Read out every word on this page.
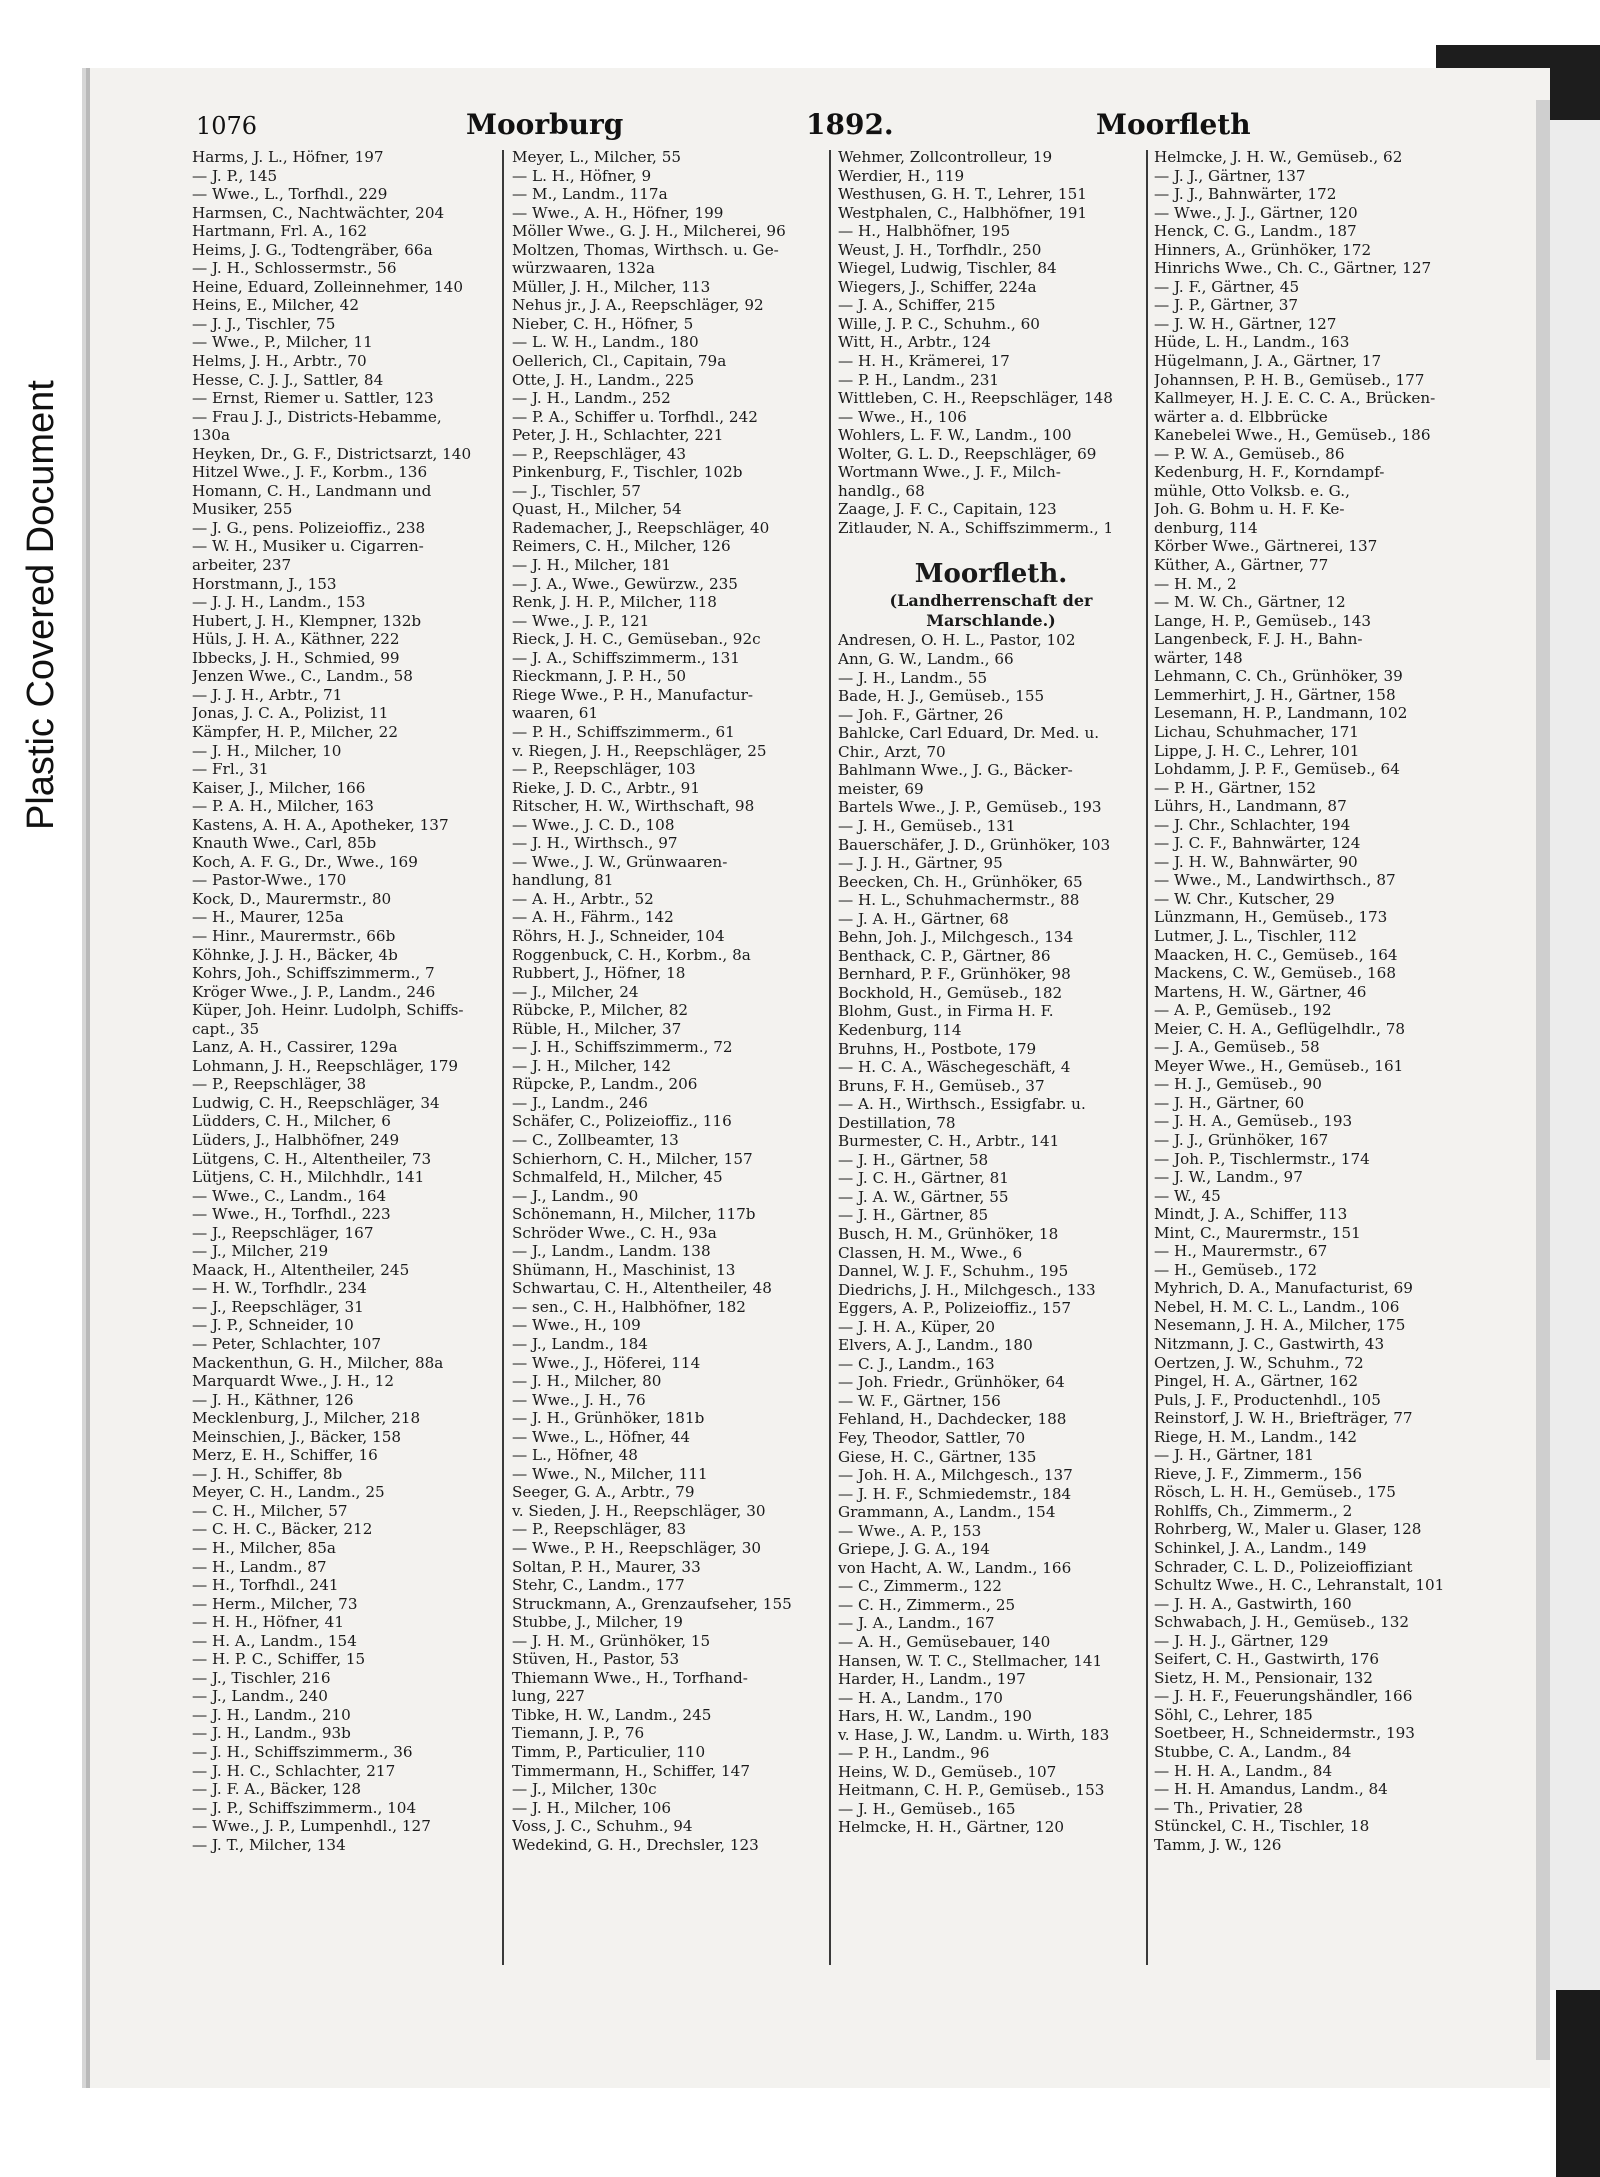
Plastic Covered Document
1076	Moorburg	1892.	Moorfleth
Harms, J. L., Höfner, 197
— J. P., 145
— Wwe., L., Torfhdl., 229
Harmsen, C., Nachtwächter, 204
Hartmann, Frl. A., 162
Heims, J. G., Todtengräber, 66a
— J. H., Schlossermstr., 56
Heine, Eduard, Zolleinnehmer, 140
Heins, E., Milcher, 42
— J. J., Tischler, 75
— Wwe., P., Milcher, 11
Helms, J. H., Arbtr., 70
Hesse, C. J. J., Sattler, 84
— Ernst, Riemer u. Sattler, 123
— Frau J. J., Districts-Hebamme,
130a
Heyken, Dr., G. F., Districtsarzt, 140
Hitzel Wwe., J. F., Korbm., 136
Homann, C. H., Landmann und
Musiker, 255
— J. G., pens. Polizeioffiz., 238
— W. H., Musiker u. Cigarren-
arbeiter, 237
Horstmann, J., 153
— J. J. H., Landm., 153
Hubert, J. H., Klempner, 132b
Hüls, J. H. A., Käthner, 222
Ibbecks, J. H., Schmied, 99
Jenzen Wwe., C., Landm., 58
— J. J. H., Arbtr., 71
Jonas, J. C. A., Polizist, 11
Kämpfer, H. P., Milcher, 22
— J. H., Milcher, 10
— Frl., 31
Kaiser, J., Milcher, 166
— P. A. H., Milcher, 163
Kastens, A. H. A., Apotheker, 137
Knauth Wwe., Carl, 85b
Koch, A. F. G., Dr., Wwe., 169
— Pastor-Wwe., 170
Kock, D., Maurermstr., 80
— H., Maurer, 125a
— Hinr., Maurermstr., 66b
Köhnke, J. J. H., Bäcker, 4b
Kohrs, Joh., Schiffszimmerm., 7
Kröger Wwe., J. P., Landm., 246
Küper, Joh. Heinr. Ludolph, Schiffs-
capt., 35
Lanz, A. H., Cassirer, 129a
Lohmann, J. H., Reepschläger, 179
— P., Reepschläger, 38
Ludwig, C. H., Reepschläger, 34
Lüdders, C. H., Milcher, 6
Lüders, J., Halbhöfner, 249
Lütgens, C. H., Altentheiler, 73
Lütjens, C. H., Milchhdlr., 141
— Wwe., C., Landm., 164
— Wwe., H., Torfhdl., 223
— J., Reepschläger, 167
— J., Milcher, 219
Maack, H., Altentheiler, 245
— H. W., Torfhdlr., 234
— J., Reepschläger, 31
— J. P., Schneider, 10
— Peter, Schlachter, 107
Mackenthun, G. H., Milcher, 88a
Marquardt Wwe., J. H., 12
— J. H., Käthner, 126
Mecklenburg, J., Milcher, 218
Meinschien, J., Bäcker, 158
Merz, E. H., Schiffer, 16
— J. H., Schiffer, 8b
Meyer, C. H., Landm., 25
— C. H., Milcher, 57
— C. H. C., Bäcker, 212
— H., Milcher, 85a
— H., Landm., 87
— H., Torfhdl., 241
— Herm., Milcher, 73
— H. H., Höfner, 41
— H. A., Landm., 154
— H. P. C., Schiffer, 15
— J., Tischler, 216
— J., Landm., 240
— J. H., Landm., 210
— J. H., Landm., 93b
— J. H., Schiffszimmerm., 36
— J. H. C., Schlachter, 217
— J. F. A., Bäcker, 128
— J. P., Schiffszimmerm., 104
— Wwe., J. P., Lumpenhdl., 127
— J. T., Milcher, 134
Meyer, L., Milcher, 55
— L. H., Höfner, 9
— M., Landm., 117a
— Wwe., A. H., Höfner, 199
Möller Wwe., G. J. H., Milcherei, 96
Moltzen, Thomas, Wirthsch. u. Ge-
würzwaaren, 132a
Müller, J. H., Milcher, 113
Nehus jr., J. A., Reepschläger, 92
Nieber, C. H., Höfner, 5
— L. W. H., Landm., 180
Oellerich, Cl., Capitain, 79a
Otte, J. H., Landm., 225
— J. H., Landm., 252
— P. A., Schiffer u. Torfhdl., 242
Peter, J. H., Schlachter, 221
— P., Reepschläger, 43
Pinkenburg, F., Tischler, 102b
— J., Tischler, 57
Quast, H., Milcher, 54
Rademacher, J., Reepschläger, 40
Reimers, C. H., Milcher, 126
— J. H., Milcher, 181
— J. A., Wwe., Gewürzw., 235
Renk, J. H. P., Milcher, 118
— Wwe., J. P., 121
Rieck, J. H. C., Gemüseban., 92c
— J. A., Schiffszimmerm., 131
Rieckmann, J. P. H., 50
Riege Wwe., P. H., Manufactur-
waaren, 61
— P. H., Schiffszimmerm., 61
v. Riegen, J. H., Reepschläger, 25
— P., Reepschläger, 103
Rieke, J. D. C., Arbtr., 91
Ritscher, H. W., Wirthschaft, 98
— Wwe., J. C. D., 108
— J. H., Wirthsch., 97
— Wwe., J. W., Grünwaaren-
handlung, 81
— A. H., Arbtr., 52
— A. H., Fährm., 142
Röhrs, H. J., Schneider, 104
Roggenbuck, C. H., Korbm., 8a
Rubbert, J., Höfner, 18
— J., Milcher, 24
Rübcke, P., Milcher, 82
Rüble, H., Milcher, 37
— J. H., Schiffszimmerm., 72
— J. H., Milcher, 142
Rüpcke, P., Landm., 206
— J., Landm., 246
Schäfer, C., Polizeioffiz., 116
— C., Zollbeamter, 13
Schierhorn, C. H., Milcher, 157
Schmalfeld, H., Milcher, 45
— J., Landm., 90
Schönemann, H., Milcher, 117b
Schröder Wwe., C. H., 93a
— J., Landm., Landm. 138
Shümann, H., Maschinist, 13
Schwartau, C. H., Altentheiler, 48
— sen., C. H., Halbhöfner, 182
— Wwe., H., 109
— J., Landm., 184
— Wwe., J., Höferei, 114
— J. H., Milcher, 80
— Wwe., J. H., 76
— J. H., Grünhöker, 181b
— Wwe., L., Höfner, 44
— L., Höfner, 48
— Wwe., N., Milcher, 111
Seeger, G. A., Arbtr., 79
v. Sieden, J. H., Reepschläger, 30
— P., Reepschläger, 83
— Wwe., P. H., Reepschläger, 30
Soltan, P. H., Maurer, 33
Stehr, C., Landm., 177
Struckmann, A., Grenzaufseher, 155
Stubbe, J., Milcher, 19
— J. H. M., Grünhöker, 15
Stüven, H., Pastor, 53
Thiemann Wwe., H., Torfhand-
lung, 227
Tibke, H. W., Landm., 245
Tiemann, J. P., 76
Timm, P., Particulier, 110
Timmermann, H., Schiffer, 147
— J., Milcher, 130c
— J. H., Milcher, 106
Voss, J. C., Schuhm., 94
Wedekind, G. H., Drechsler, 123
Wehmer, Zollcontrolleur, 19
Werdier, H., 119
Westhusen, G. H. T., Lehrer, 151
Westphalen, C., Halbhöfner, 191
— H., Halbhöfner, 195
Weust, J. H., Torfhdlr., 250
Wiegel, Ludwig, Tischler, 84
Wiegers, J., Schiffer, 224a
— J. A., Schiffer, 215
Wille, J. P. C., Schuhm., 60
Witt, H., Arbtr., 124
— H. H., Krämerei, 17
— P. H., Landm., 231
Wittleben, C. H., Reepschläger, 148
— Wwe., H., 106
Wohlers, L. F. W., Landm., 100
Wolter, G. L. D., Reepschläger, 69
Wortmann Wwe., J. F., Milch-
handlg., 68
Zaage, J. F. C., Capitain, 123
Zitlauder, N. A., Schiffszimmerm., 1
Moorfleth.
(Landherrenschaft der
Marschlande.)
Andresen, O. H. L., Pastor, 102
Ann, G. W., Landm., 66
— J. H., Landm., 55
Bade, H. J., Gemüseb., 155
— Joh. F., Gärtner, 26
Bahlcke, Carl Eduard, Dr. Med. u.
Chir., Arzt, 70
Bahlmann Wwe., J. G., Bäcker-
meister, 69
Bartels Wwe., J. P., Gemüseb., 193
— J. H., Gemüseb., 131
Bauerschäfer, J. D., Grünhöker, 103
— J. J. H., Gärtner, 95
Beecken, Ch. H., Grünhöker, 65
— H. L., Schuhmachermstr., 88
— J. A. H., Gärtner, 68
Behn, Joh. J., Milchgesch., 134
Benthack, C. P., Gärtner, 86
Bernhard, P. F., Grünhöker, 98
Bockhold, H., Gemüseb., 182
Blohm, Gust., in Firma H. F.
Kedenburg, 114
Bruhns, H., Postbote, 179
— H. C. A., Wäschegeschäft, 4
Bruns, F. H., Gemüseb., 37
— A. H., Wirthsch., Essigfabr. u.
Destillation, 78
Burmester, C. H., Arbtr., 141
— J. H., Gärtner, 58
— J. C. H., Gärtner, 81
— J. A. W., Gärtner, 55
— J. H., Gärtner, 85
Busch, H. M., Grünhöker, 18
Classen, H. M., Wwe., 6
Dannel, W. J. F., Schuhm., 195
Diedrichs, J. H., Milchgesch., 133
Eggers, A. P., Polizeioffiz., 157
— J. H. A., Küper, 20
Elvers, A. J., Landm., 180
— C. J., Landm., 163
— Joh. Friedr., Grünhöker, 64
— W. F., Gärtner, 156
Fehland, H., Dachdecker, 188
Fey, Theodor, Sattler, 70
Giese, H. C., Gärtner, 135
— Joh. H. A., Milchgesch., 137
— J. H. F., Schmiedemstr., 184
Grammann, A., Landm., 154
— Wwe., A. P., 153
Griepe, J. G. A., 194
von Hacht, A. W., Landm., 166
— C., Zimmerm., 122
— C. H., Zimmerm., 25
— J. A., Landm., 167
— A. H., Gemüsebauer, 140
Hansen, W. T. C., Stellmacher, 141
Harder, H., Landm., 197
— H. A., Landm., 170
Hars, H. W., Landm., 190
v. Hase, J. W., Landm. u. Wirth, 183
— P. H., Landm., 96
Heins, W. D., Gemüseb., 107
Heitmann, C. H. P., Gemüseb., 153
— J. H., Gemüseb., 165
Helmcke, H. H., Gärtner, 120
Helmcke, J. H. W., Gemüseb., 62
— J. J., Gärtner, 137
— J. J., Bahnwärter, 172
— Wwe., J. J., Gärtner, 120
Henck, C. G., Landm., 187
Hinners, A., Grünhöker, 172
Hinrichs Wwe., Ch. C., Gärtner, 127
— J. F., Gärtner, 45
— J. P., Gärtner, 37
— J. W. H., Gärtner, 127
Hüde, L. H., Landm., 163
Hügelmann, J. A., Gärtner, 17
Johannsen, P. H. B., Gemüseb., 177
Kallmeyer, H. J. E. C. C. A., Brücken-
wärter a. d. Elbbrücke
Kanebelei Wwe., H., Gemüseb., 186
— P. W. A., Gemüseb., 86
Kedenburg, H. F., Korndampf-
mühle, Otto Volksb. e. G.,
Joh. G. Bohm u. H. F. Ke-
denburg, 114
Körber Wwe., Gärtnerei, 137
Küther, A., Gärtner, 77
— H. M., 2
— M. W. Ch., Gärtner, 12
Lange, H. P., Gemüseb., 143
Langenbeck, F. J. H., Bahn-
wärter, 148
Lehmann, C. Ch., Grünhöker, 39
Lemmerhirt, J. H., Gärtner, 158
Lesemann, H. P., Landmann, 102
Lichau, Schuhmacher, 171
Lippe, J. H. C., Lehrer, 101
Lohdamm, J. P. F., Gemüseb., 64
— P. H., Gärtner, 152
Lührs, H., Landmann, 87
— J. Chr., Schlachter, 194
— J. C. F., Bahnwärter, 124
— J. H. W., Bahnwärter, 90
— Wwe., M., Landwirthsch., 87
— W. Chr., Kutscher, 29
Lünzmann, H., Gemüseb., 173
Lutmer, J. L., Tischler, 112
Maacken, H. C., Gemüseb., 164
Mackens, C. W., Gemüseb., 168
Martens, H. W., Gärtner, 46
— A. P., Gemüseb., 192
Meier, C. H. A., Geflügelhdlr., 78
— J. A., Gemüseb., 58
Meyer Wwe., H., Gemüseb., 161
— H. J., Gemüseb., 90
— J. H., Gärtner, 60
— J. H. A., Gemüseb., 193
— J. J., Grünhöker, 167
— Joh. P., Tischlermstr., 174
— J. W., Landm., 97
— W., 45
Mindt, J. A., Schiffer, 113
Mint, C., Maurermstr., 151
— H., Maurermstr., 67
— H., Gemüseb., 172
Myhrich, D. A., Manufacturist, 69
Nebel, H. M. C. L., Landm., 106
Nesemann, J. H. A., Milcher, 175
Nitzmann, J. C., Gastwirth, 43
Oertzen, J. W., Schuhm., 72
Pingel, H. A., Gärtner, 162
Puls, J. F., Productenhdl., 105
Reinstorf, J. W. H., Briefträger, 77
Riege, H. M., Landm., 142
— J. H., Gärtner, 181
Rieve, J. F., Zimmerm., 156
Rösch, L. H. H., Gemüseb., 175
Rohlffs, Ch., Zimmerm., 2
Rohrberg, W., Maler u. Glaser, 128
Schinkel, J. A., Landm., 149
Schrader, C. L. D., Polizeioffiziant
Schultz Wwe., H. C., Lehranstalt, 101
— J. H. A., Gastwirth, 160
Schwabach, J. H., Gemüseb., 132
— J. H. J., Gärtner, 129
Seifert, C. H., Gastwirth, 176
Sietz, H. M., Pensionair, 132
— J. H. F., Feuerungshändler, 166
Söhl, C., Lehrer, 185
Soetbeer, H., Schneidermstr., 193
Stubbe, C. A., Landm., 84
— H. H. A., Landm., 84
— H. H. Amandus, Landm., 84
— Th., Privatier, 28
Stünckel, C. H., Tischler, 18
Tamm, J. W., 126
